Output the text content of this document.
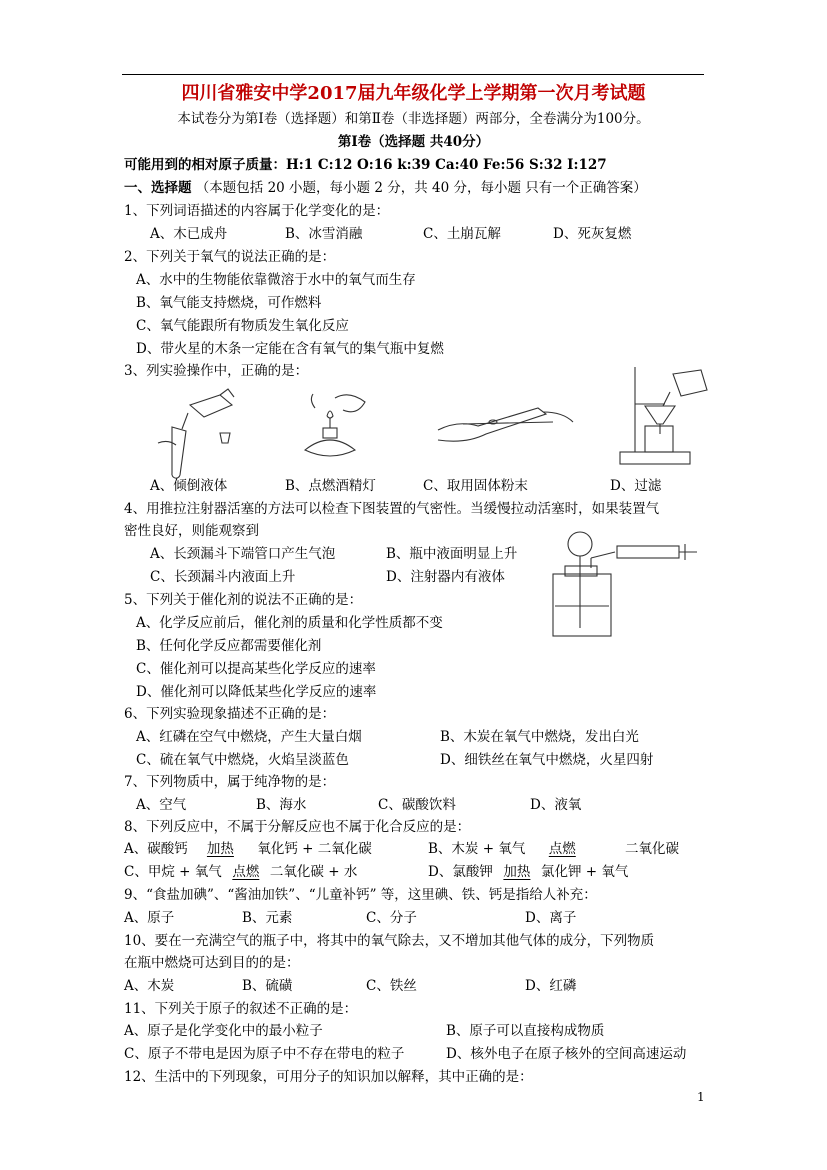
四川省雅安中学2017届九年级化学上学期第一次月考试题
本试卷分为第Ⅰ卷（选择题）和第Ⅱ卷（非选择题）两部分，全卷满分为100分。
第Ⅰ卷（选择题 共40分）
可能用到的相对原子质量：H:1 C:12 O:16 k:39 Ca:40 Fe:56 S:32 I:127
一、选择题 （本题包括 20 小题，每小题 2 分，共 40 分，每小题 只有一个正确答案）
1、下列词语描述的内容属于化学变化的是：
A、木已成舟	B、冰雪消融	C、土崩瓦解	D、死灰复燃
2、下列关于氧气的说法正确的是：
A、水中的生物能依靠微溶于水中的氧气而生存
B、氧气能支持燃烧，可作燃料
C、氧气能跟所有物质发生氧化反应
D、带火星的木条一定能在含有氧气的集气瓶中复燃
3、列实验操作中，正确的是：
A、倾倒液体	B、点燃酒精灯	C、取用固体粉末	D、过滤
4、用推拉注射器活塞的方法可以检查下图装置的气密性。当缓慢拉动活塞时，如果装置气
密性良好，则能观察到
A、长颈漏斗下端管口产生气泡	B、瓶中液面明显上升
C、长颈漏斗内液面上升	D、注射器内有液体
5、下列关于催化剂的说法不正确的是：
A、化学反应前后，催化剂的质量和化学性质都不变
B、任何化学反应都需要催化剂
C、催化剂可以提高某些化学反应的速率
D、催化剂可以降低某些化学反应的速率
6、下列实验现象描述不正确的是：
A、红磷在空气中燃烧，产生大量白烟	B、木炭在氧气中燃烧，发出白光
C、硫在氧气中燃烧，火焰呈淡蓝色	D、细铁丝在氧气中燃烧，火星四射
7、下列物质中，属于纯净物的是：
A、空气	B、海水	C、碳酸饮料	D、液氧
8、下列反应中，不属于分解反应也不属于化合反应的是：
A、碳酸钙 加热 氧化钙 + 二氧化碳	B、木炭 + 氧气 点燃	二氧化碳
C、甲烷 + 氧气 点燃 二氧化碳 + 水	D、氯酸钾 加热 氯化钾 + 氧气
9、“食盐加碘”、“酱油加铁”、“儿童补钙” 等，这里碘、铁、钙是指给人补充：
A、原子	B、元素	C、分子	D、离子
10、要在一充满空气的瓶子中，将其中的氧气除去，又不增加其他气体的成分，下列物质
在瓶中燃烧可达到目的的是：
A、木炭	B、硫磺	C、铁丝	D、红磷
11、下列关于原子的叙述不正确的是：
A、原子是化学变化中的最小粒子	B、原子可以直接构成物质
C、原子不带电是因为原子中不存在带电的粒子	D、核外电子在原子核外的空间高速运动
12、生活中的下列现象，可用分子的知识加以解释，其中正确的是：
1
